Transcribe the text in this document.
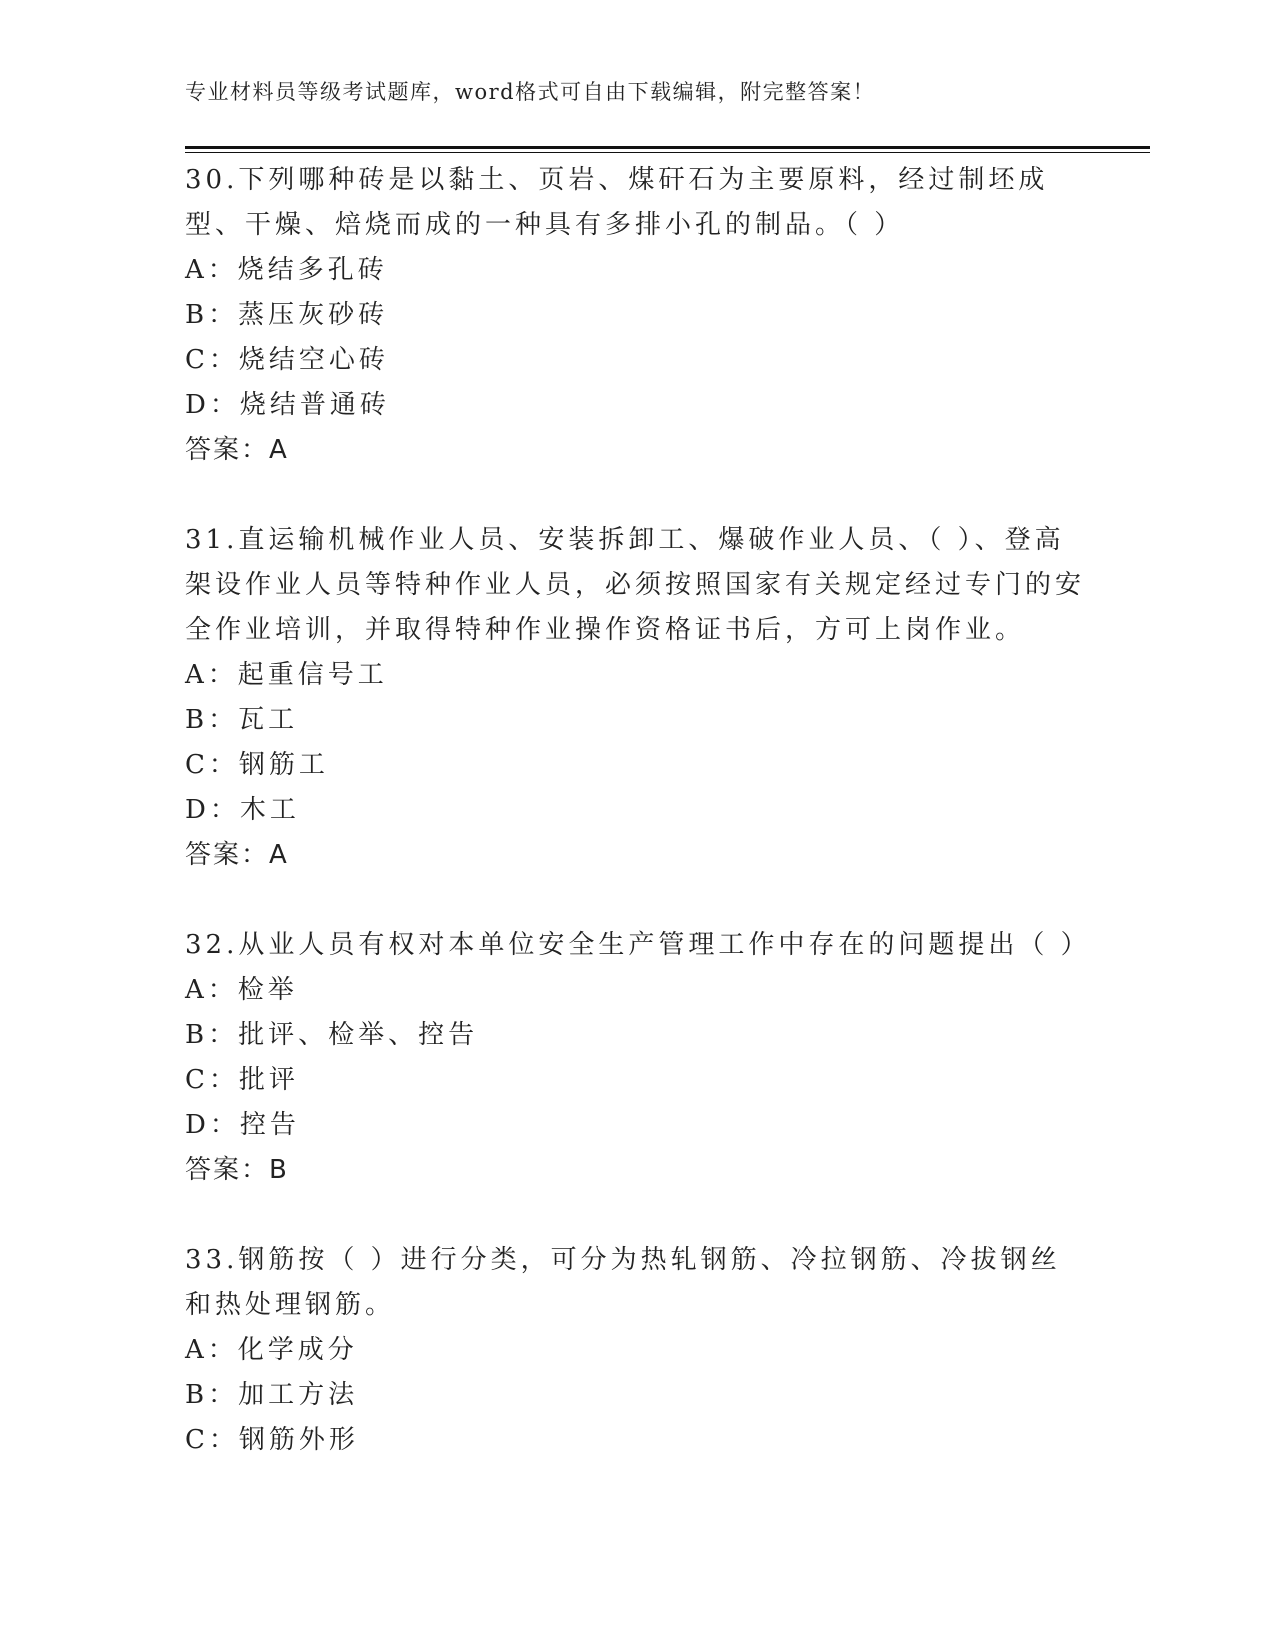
专业材料员等级考试题库，word格式可自由下载编辑，附完整答案！

30.下列哪种砖是以黏土、页岩、煤矸石为主要原料，经过制坯成型、干燥、焙烧而成的一种具有多排小孔的制品。（ ）

A：烧结多孔砖

B：蒸压灰砂砖

C：烧结空心砖

D：烧结普通砖

答案：A

31.直运输机械作业人员、安装拆卸工、爆破作业人员、（ ）、登高架设作业人员等特种作业人员，必须按照国家有关规定经过专门的安全作业培训，并取得特种作业操作资格证书后，方可上岗作业。

A：起重信号工

B：瓦工

C：钢筋工

D：木工

答案：A

32.从业人员有权对本单位安全生产管理工作中存在的问题提出（ ）

A：检举

B：批评、检举、控告

C：批评

D：控告

答案：B

33.钢筋按（ ）进行分类，可分为热轧钢筋、冷拉钢筋、冷拔钢丝和热处理钢筋。

A：化学成分

B：加工方法

C：钢筋外形
